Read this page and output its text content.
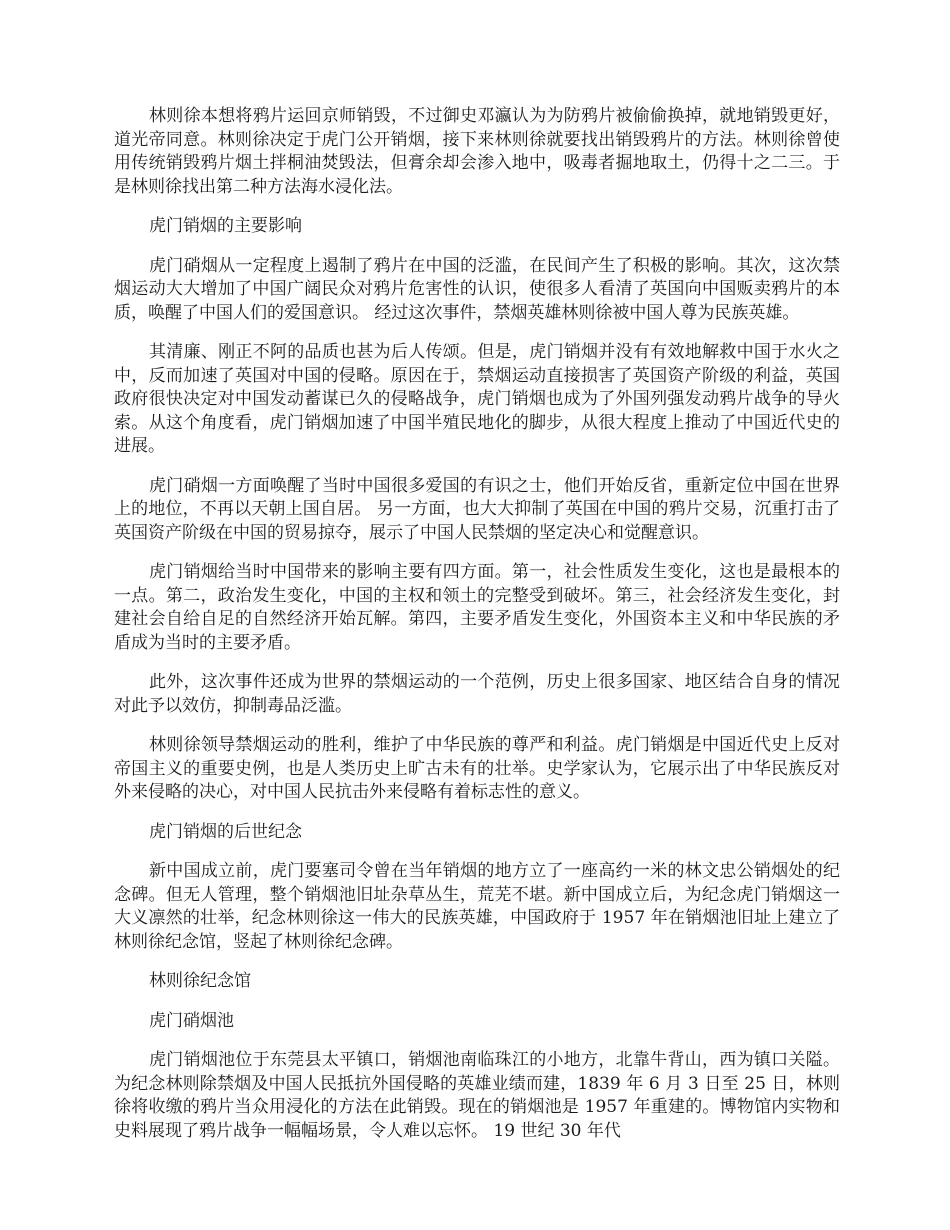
林则徐本想将鸦片运回京师销毁，不过御史邓瀛认为为防鸦片被偷偷换掉，就地销毁更好，道光帝同意。林则徐决定于虎门公开销烟，接下来林则徐就要找出销毁鸦片的方法。林则徐曾使用传统销毁鸦片烟土拌桐油焚毁法，但膏余却会渗入地中，吸毒者掘地取土，仍得十之二三。于是林则徐找出第二种方法海水浸化法。

虎门销烟的主要影响

虎门硝烟从一定程度上遏制了鸦片在中国的泛滥，在民间产生了积极的影响。其次，这次禁烟运动大大增加了中国广阔民众对鸦片危害性的认识，使很多人看清了英国向中国贩卖鸦片的本质，唤醒了中国人们的爱国意识。 经过这次事件，禁烟英雄林则徐被中国人尊为民族英雄。

其清廉、刚正不阿的品质也甚为后人传颂。但是，虎门销烟并没有有效地解救中国于水火之中，反而加速了英国对中国的侵略。原因在于，禁烟运动直接损害了英国资产阶级的利益，英国政府很快决定对中国发动蓄谋已久的侵略战争，虎门销烟也成为了外国列强发动鸦片战争的导火索。从这个角度看，虎门销烟加速了中国半殖民地化的脚步，从很大程度上推动了中国近代史的进展。

虎门硝烟一方面唤醒了当时中国很多爱国的有识之士，他们开始反省，重新定位中国在世界上的地位，不再以天朝上国自居。 另一方面，也大大抑制了英国在中国的鸦片交易，沉重打击了英国资产阶级在中国的贸易掠夺，展示了中国人民禁烟的坚定决心和觉醒意识。

虎门销烟给当时中国带来的影响主要有四方面。第一，社会性质发生变化，这也是最根本的一点。第二，政治发生变化，中国的主权和领土的完整受到破坏。第三，社会经济发生变化，封建社会自给自足的自然经济开始瓦解。第四，主要矛盾发生变化，外国资本主义和中华民族的矛盾成为当时的主要矛盾。

此外，这次事件还成为世界的禁烟运动的一个范例，历史上很多国家、地区结合自身的情况对此予以效仿，抑制毒品泛滥。

林则徐领导禁烟运动的胜利，维护了中华民族的尊严和利益。虎门销烟是中国近代史上反对帝国主义的重要史例，也是人类历史上旷古未有的壮举。史学家认为，它展示出了中华民族反对外来侵略的决心，对中国人民抗击外来侵略有着标志性的意义。

虎门销烟的后世纪念

新中国成立前，虎门要塞司令曾在当年销烟的地方立了一座高约一米的林文忠公销烟处的纪念碑。但无人管理，整个销烟池旧址杂草丛生，荒芜不堪。新中国成立后，为纪念虎门销烟这一大义凛然的壮举，纪念林则徐这一伟大的民族英雄，中国政府于 1957 年在销烟池旧址上建立了林则徐纪念馆，竖起了林则徐纪念碑。

林则徐纪念馆

虎门硝烟池

虎门销烟池位于东莞县太平镇口，销烟池南临珠江的小地方，北靠牛背山，西为镇口关隘。为纪念林则除禁烟及中国人民抵抗外国侵略的英雄业绩而建，1839 年 6 月 3 日至 25 日，林则徐将收缴的鸦片当众用浸化的方法在此销毁。现在的销烟池是 1957 年重建的。博物馆内实物和史料展现了鸦片战争一幅幅场景，令人难以忘怀。 19 世纪 30 年代
